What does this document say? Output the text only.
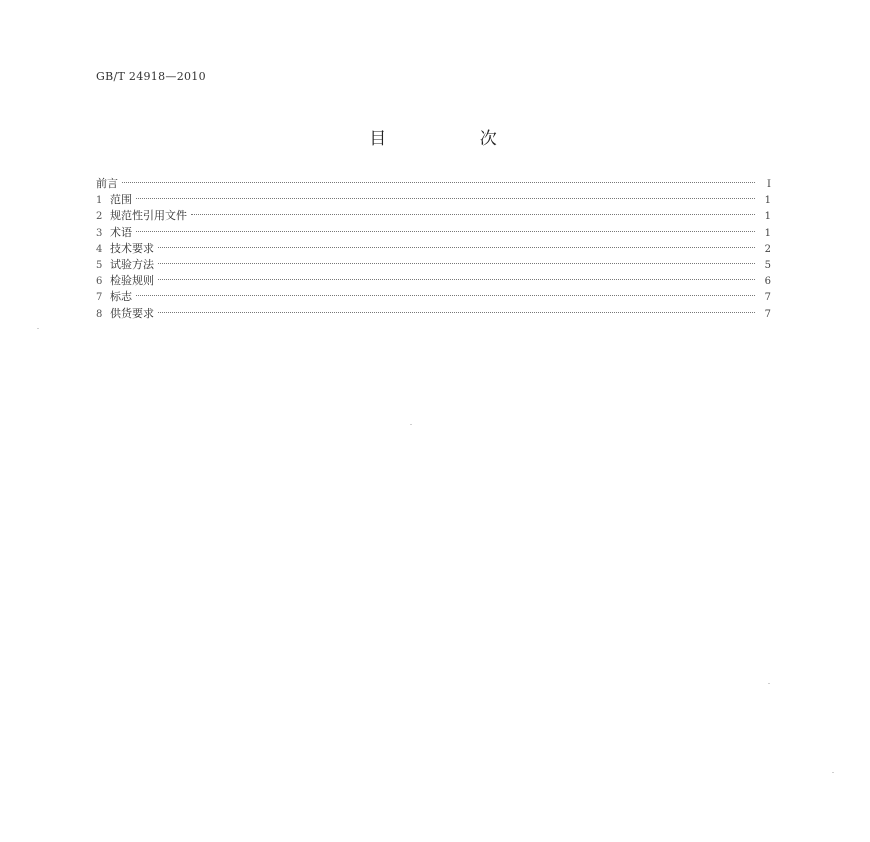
GB/T 24918—2010
目 次
前言	I
1 范围	1
2 规范性引用文件	1
3 术语	1
4 技术要求	2
5 试验方法	5
6 检验规则	6
7 标志	7
8 供货要求	7
